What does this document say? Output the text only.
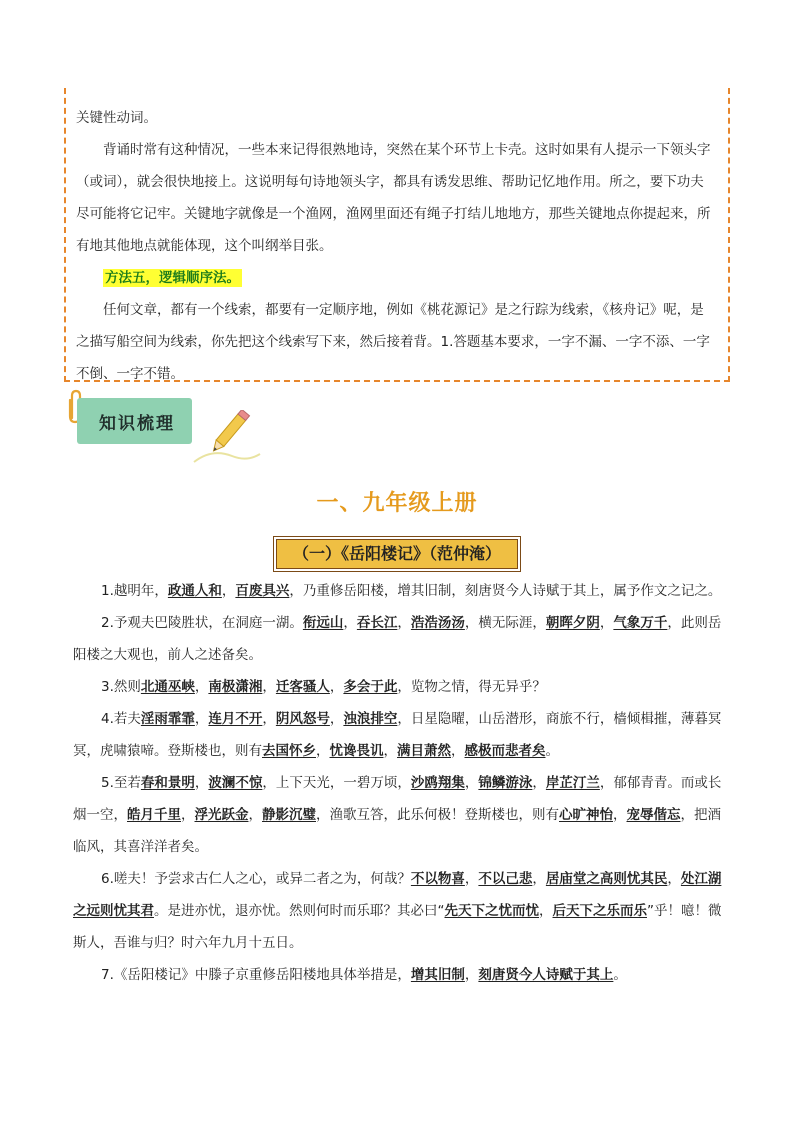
关键性动词。

背诵时常有这种情况，一些本来记得很熟地诗，突然在某个环节上卡壳。这时如果有人提示一下领头字（或词），就会很快地接上。这说明每句诗地领头字，都具有诱发思维、帮助记忆地作用。所之，要下功夫尽可能将它记牢。关键地字就像是一个渔网，渔网里面还有绳子打结儿地地方，那些关键地点你提起来，所有地其他地点就能体现，这个叫纲举目张。

方法五，逻辑顺序法。

任何文章，都有一个线索，都要有一定顺序地，例如《桃花源记》是之行踪为线索，《核舟记》呢，是之描写船空间为线索，你先把这个线索写下来，然后接着背。1.答题基本要求，一字不漏、一字不添、一字不倒、一字不错。

知识梳理
一、九年级上册
（一）《岳阳楼记》（范仲淹）

1.越明年，政通人和，百废具兴，乃重修岳阳楼，增其旧制，刻唐贤今人诗赋于其上，属予作文之记之。

2.予观夫巴陵胜状，在洞庭一湖。衔远山，吞长江，浩浩汤汤，横无际涯，朝晖夕阴，气象万千，此则岳阳楼之大观也，前人之述备矣。

3.然则北通巫峡，南极潇湘，迁客骚人，多会于此，览物之情，得无异乎？

4.若夫淫雨霏霏，连月不开，阴风怒号，浊浪排空，日星隐曜，山岳潜形，商旅不行，樯倾楫摧，薄暮冥冥，虎啸猿啼。登斯楼也，则有去国怀乡，忧谗畏讥，满目萧然，感极而悲者矣。

5.至若春和景明，波澜不惊，上下天光，一碧万顷，沙鸥翔集，锦鳞游泳，岸芷汀兰，郁郁青青。而或长烟一空，皓月千里，浮光跃金，静影沉璧，渔歌互答，此乐何极！登斯楼也，则有心旷神怡，宠辱偕忘，把酒临风，其喜洋洋者矣。

6.嗟夫！予尝求古仁人之心，或异二者之为，何哉？不以物喜，不以己悲，居庙堂之高则忧其民，处江湖之远则忧其君。是进亦忧，退亦忧。然则何时而乐耶？其必曰“先天下之忧而忧，后天下之乐而乐”乎！噫！微斯人，吾谁与归？时六年九月十五日。

7.《岳阳楼记》中滕子京重修岳阳楼地具体举措是，增其旧制，刻唐贤今人诗赋于其上。
